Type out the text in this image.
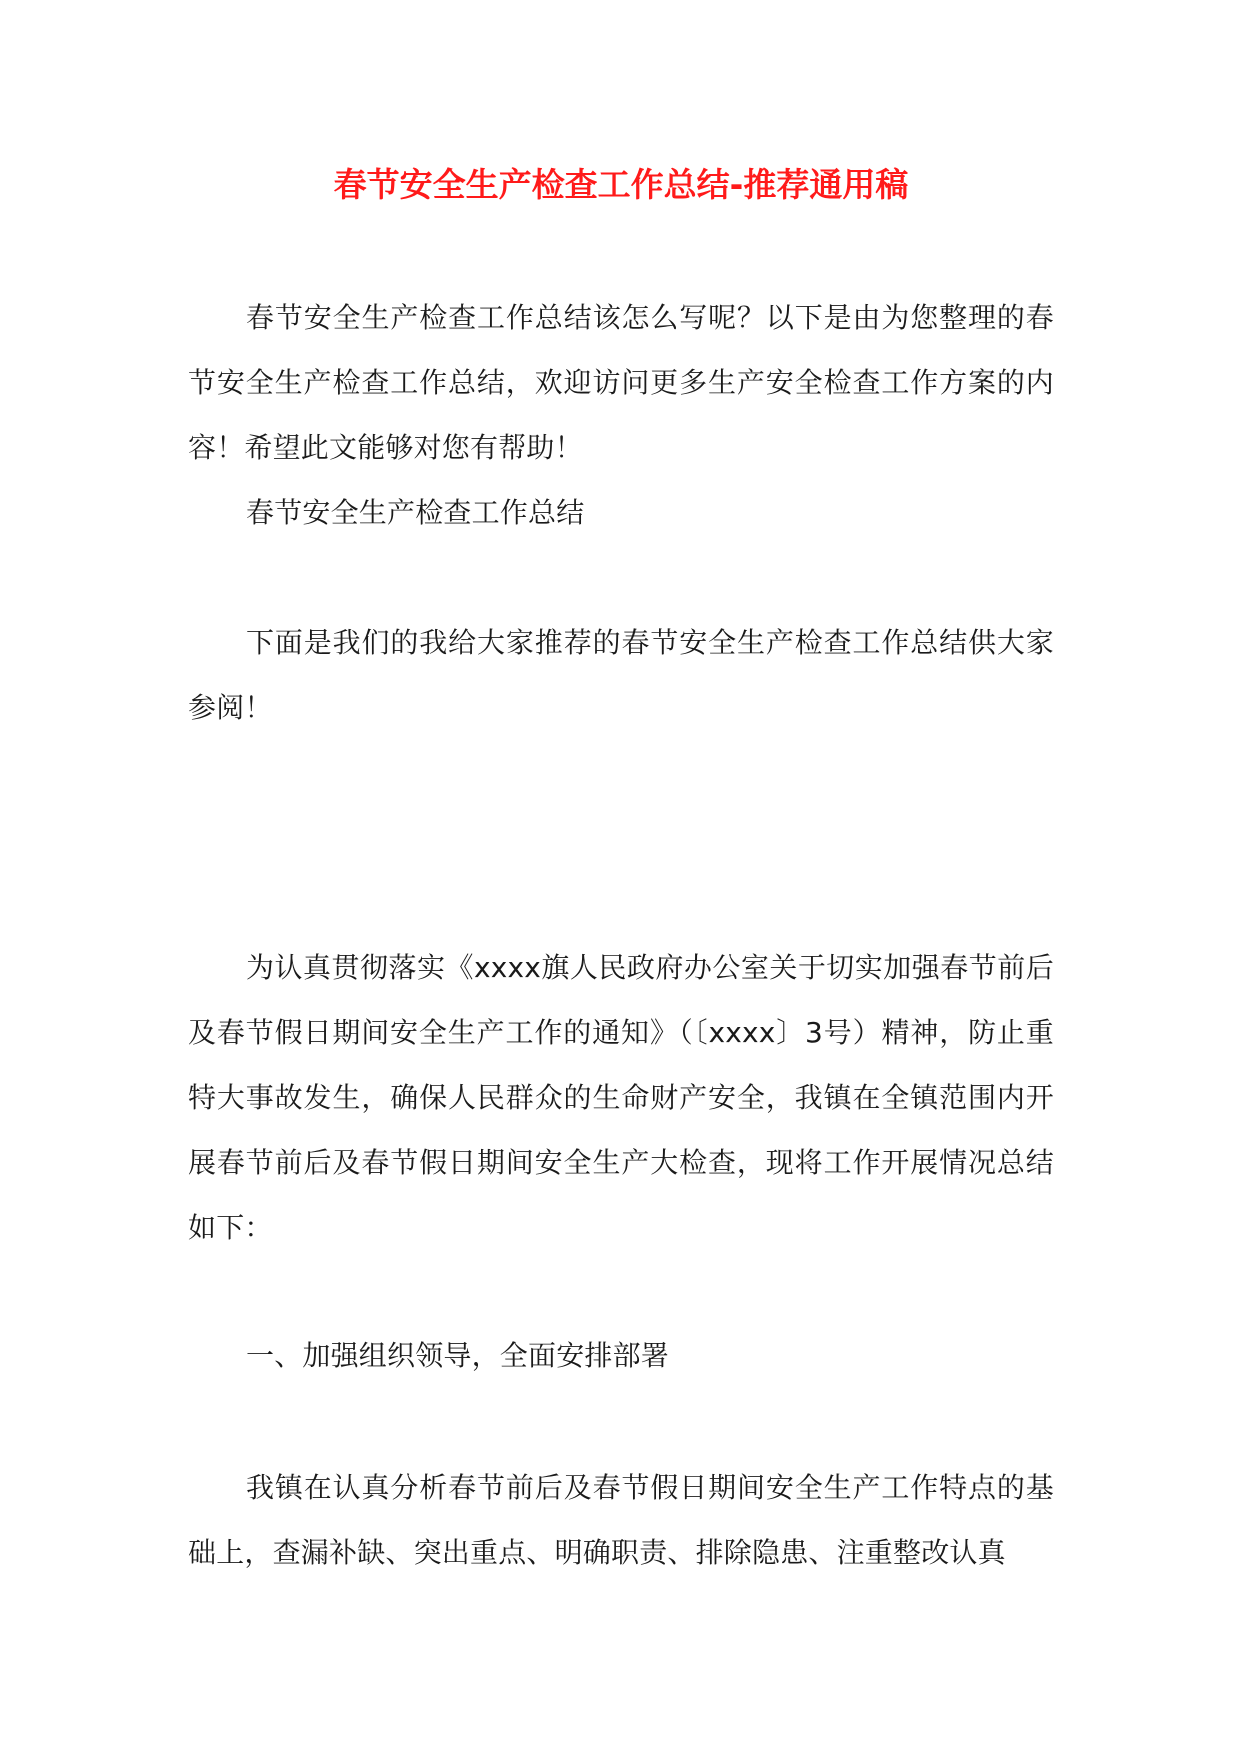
春节安全生产检查工作总结-推荐通用稿

春节安全生产检查工作总结该怎么写呢？以下是由为您整理的春节安全生产检查工作总结，欢迎访问更多生产安全检查工作方案的内容！希望此文能够对您有帮助！

春节安全生产检查工作总结

下面是我们的我给大家推荐的春节安全生产检查工作总结供大家参阅！

为认真贯彻落实《xxxx旗人民政府办公室关于切实加强春节前后及春节假日期间安全生产工作的通知》（〔xxxx〕3号）精神，防止重特大事故发生，确保人民群众的生命财产安全，我镇在全镇范围内开展春节前后及春节假日期间安全生产大检查，现将工作开展情况总结如下：

一、加强组织领导，全面安排部署

我镇在认真分析春节前后及春节假日期间安全生产工作特点的基础上，查漏补缺、突出重点、明确职责、排除隐患、注重整改认真
